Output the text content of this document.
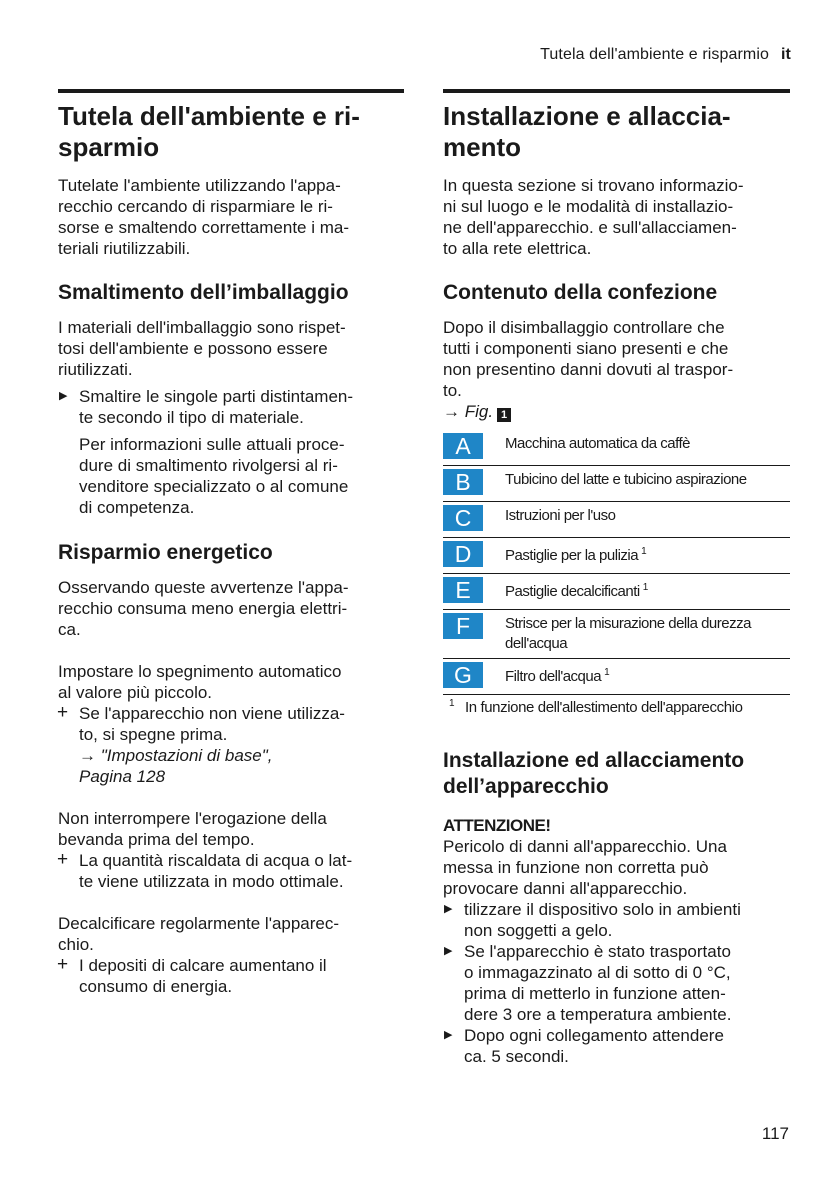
Tutela dell'ambiente e risparmio it
Tutela dell'ambiente e ri-
sparmio
Tutelate l'ambiente utilizzando l'appa-
recchio cercando di risparmiare le ri-
sorse e smaltendo correttamente i ma-
teriali riutilizzabili.
Smaltimento dell’imballaggio
I materiali dell'imballaggio sono rispet-
tosi dell'ambiente e possono essere
riutilizzati.
▶ Smaltire le singole parti distintamen-
te secondo il tipo di materiale.
Per informazioni sulle attuali proce-
dure di smaltimento rivolgersi al ri-
venditore specializzato o al comune
di competenza.
Risparmio energetico
Osservando queste avvertenze l'appa-
recchio consuma meno energia elettri-
ca.
Impostare lo spegnimento automatico
al valore più piccolo.
+ Se l'apparecchio non viene utilizza-
to, si spegne prima.
→ "Impostazioni di base",
Pagina 128
Non interrompere l'erogazione della
bevanda prima del tempo.
+ La quantità riscaldata di acqua o lat-
te viene utilizzata in modo ottimale.
Decalcificare regolarmente l'apparec-
chio.
+ I depositi di calcare aumentano il
consumo di energia.
Installazione e allaccia-
mento
In questa sezione si trovano informazio-
ni sul luogo e le modalità di installazio-
ne dell'apparecchio. e sull'allacciamen-
to alla rete elettrica.
Contenuto della confezione
Dopo il disimballaggio controllare che
tutti i componenti siano presenti e che
non presentino danni dovuti al traspor-
to.
→ Fig. 1
A	Macchina automatica da caffè
B	Tubicino del latte e tubicino aspirazione
C	Istruzioni per l'uso
D	Pastiglie per la pulizia $^1$
E	Pastiglie decalcificanti $^1$
F	Strisce per la misurazione della durezza
dell'acqua
G	Filtro dell'acqua $^1$
1 In funzione dell'allestimento dell'apparecchio
Installazione ed allacciamento
dell’apparecchio
ATTENZIONE!
Pericolo di danni all'apparecchio. Una
messa in funzione non corretta può
provocare danni all'apparecchio.
▶ tilizzare il dispositivo solo in ambienti
non soggetti a gelo.
▶ Se l'apparecchio è stato trasportato
o immagazzinato al di sotto di 0 °C,
prima di metterlo in funzione atten-
dere 3 ore a temperatura ambiente.
▶ Dopo ogni collegamento attendere
ca. 5 secondi.
117
